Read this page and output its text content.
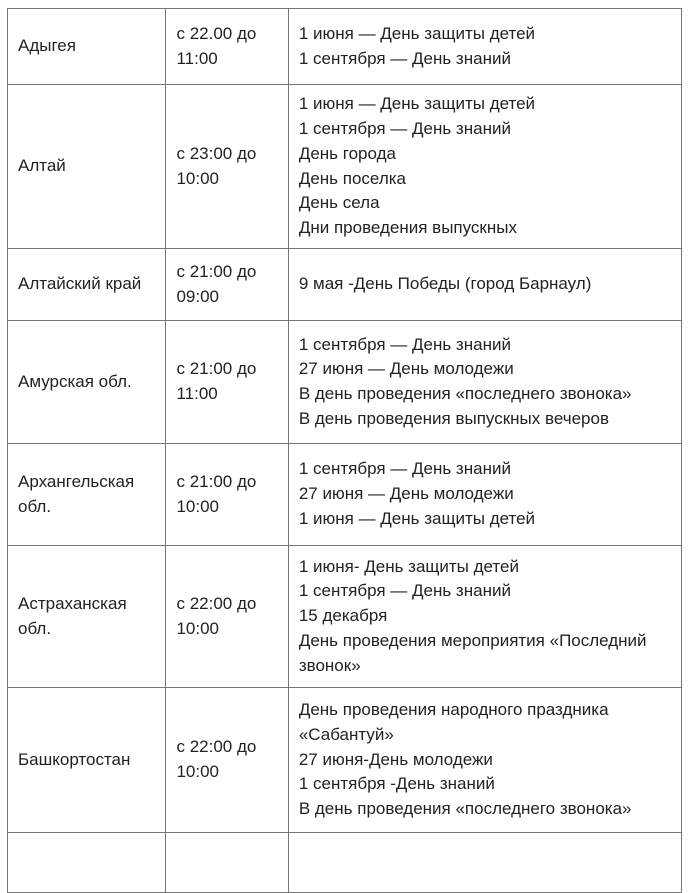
Адыгея	с 22.00 до 11:00	1 июня — День защиты детей
1 сентября — День знаний

Алтай	с 23:00 до 10:00	
1 июня — День защиты детей
1 сентября — День знаний
День города
День поселка
День села
Дни проведения выпускных

Алтайский край	с 21:00 до 09:00	9 мая -День Победы (город Барнаул)

Амурская обл.	с 21:00 до 11:00	1 сентября — День знаний
27 июня — День молодежи
В день проведения «последнего звонока»
В день проведения выпускных вечеров

Архангельская обл.	с 21:00 до 10:00	1 сентября — День знаний
27 июня — День молодежи
1 июня — День защиты детей

Астраханская обл.	с 22:00 до 10:00	1 июня- День защиты детей
1 сентября — День знаний
15 декабря
День проведения мероприятия «Последний звонок»

Башкортостан	с 22:00 до 10:00	День проведения народного праздника «Сабантуй»
27 июня-День молодежи
1 сентября -День знаний
В день проведения «последнего звонока»
